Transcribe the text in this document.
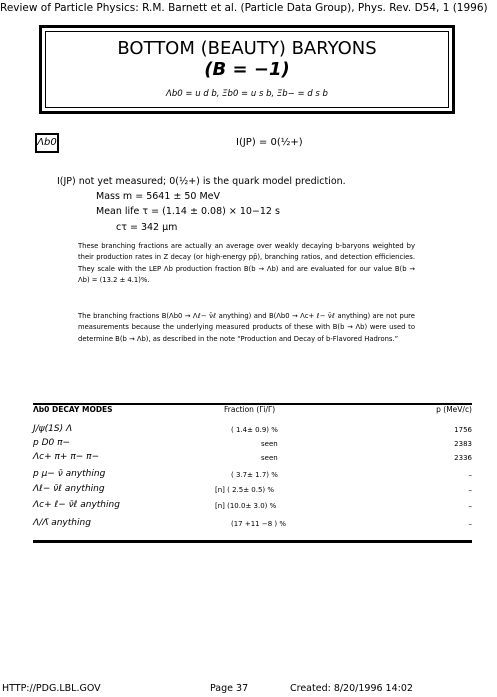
Review of Particle Physics: R.M. Barnett et al. (Particle Data Group), Phys. Rev. D54, 1 (1996)
BOTTOM (BEAUTY) BARYONS
(B = −1)
Λb0 = u d b, Ξb0 = u s b, Ξb− = d s b
Λb0	I(JP) = 0(½+)
I(JP) not yet measured; 0(½+) is the quark model prediction.
Mass m = 5641 ± 50 MeV
Mean life τ = (1.14 ± 0.08) × 10−12 s
cτ = 342 μm
These branching fractions are actually an average over weakly decaying b-baryons weighted by their production rates in Z decay (or high-energy pp̄), branching ratios, and detection efficiencies. They scale with the LEP Λb production fraction B(b → Λb) and are evaluated for our value B(b → Λb) = (13.2 ± 4.1)%.
The branching fractions B(Λb0 → Λℓ− ν̄ℓ anything) and B(Λb0 → Λc+ ℓ− ν̄ℓ anything) are not pure measurements because the underlying measured products of these with B(b → Λb) were used to determine B(b → Λb), as described in the note “Production and Decay of b-Flavored Hadrons.”
Λb0 DECAY MODES	Fraction (Γi/Γ)	p (MeV/c)
J/ψ(1S) Λ	( 1.4± 0.9) %	1756
p D0 π−	seen	2383
Λc+ π+ π− π−	seen	2336
p μ− ν̄ anything	( 3.7± 1.7) %	–
Λℓ− ν̄ℓ anything	[n] ( 2.5± 0.5) %	–
Λc+ ℓ− ν̄ℓ anything	[n] (10.0± 3.0) %	–
Λ/Λ̄ anything	(17 +11 −8 ) %	–
HTTP://PDG.LBL.GOV	Page 37	Created: 8/20/1996 14:02
